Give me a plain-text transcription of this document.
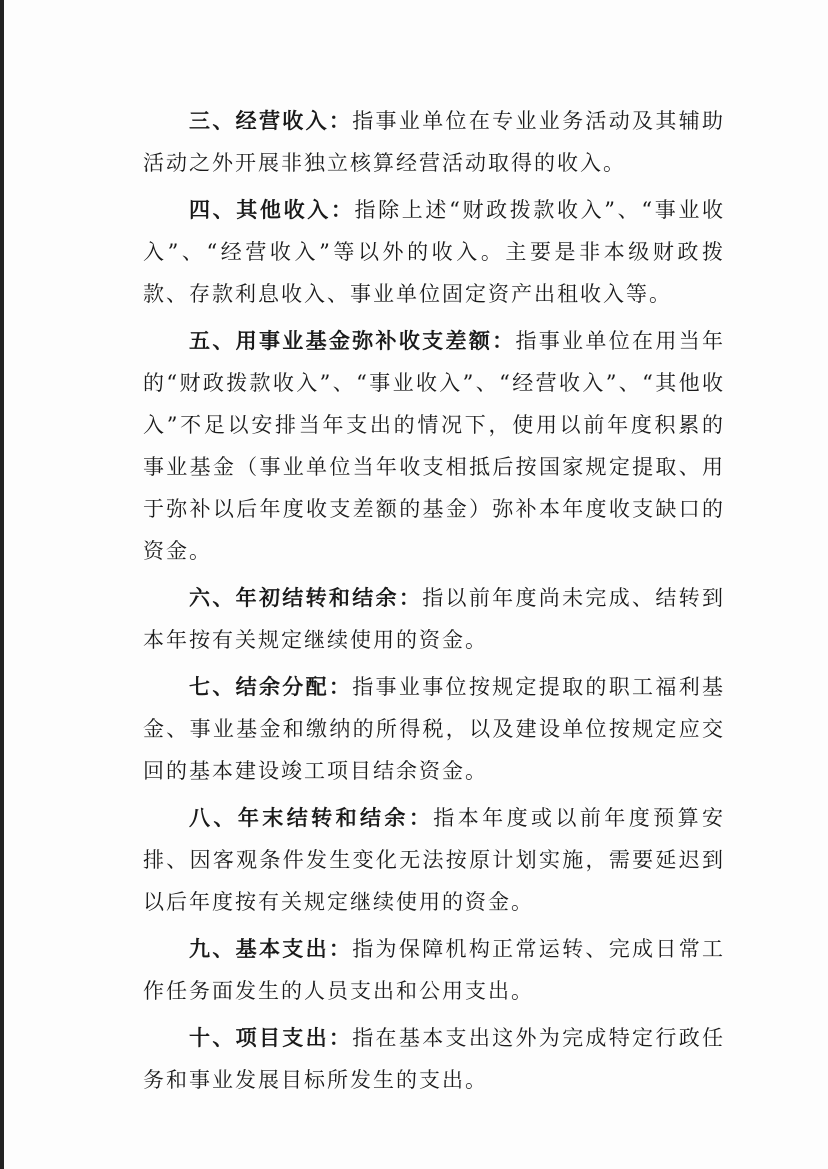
三、经营收入：指事业单位在专业业务活动及其辅助活动之外开展非独立核算经营活动取得的收入。

四、其他收入：指除上述“财政拨款收入”、“事业收入”、“经营收入”等以外的收入。主要是非本级财政拨款、存款利息收入、事业单位固定资产出租收入等。

五、用事业基金弥补收支差额：指事业单位在用当年的“财政拨款收入”、“事业收入”、“经营收入”、“其他收入”不足以安排当年支出的情况下，使用以前年度积累的事业基金（事业单位当年收支相抵后按国家规定提取、用于弥补以后年度收支差额的基金）弥补本年度收支缺口的资金。

六、年初结转和结余：指以前年度尚未完成、结转到本年按有关规定继续使用的资金。

七、结余分配：指事业事位按规定提取的职工福利基金、事业基金和缴纳的所得税，以及建设单位按规定应交回的基本建设竣工项目结余资金。

八、年末结转和结余：指本年度或以前年度预算安排、因客观条件发生变化无法按原计划实施，需要延迟到以后年度按有关规定继续使用的资金。

九、基本支出：指为保障机构正常运转、完成日常工作任务面发生的人员支出和公用支出。

十、项目支出：指在基本支出这外为完成特定行政任务和事业发展目标所发生的支出。
